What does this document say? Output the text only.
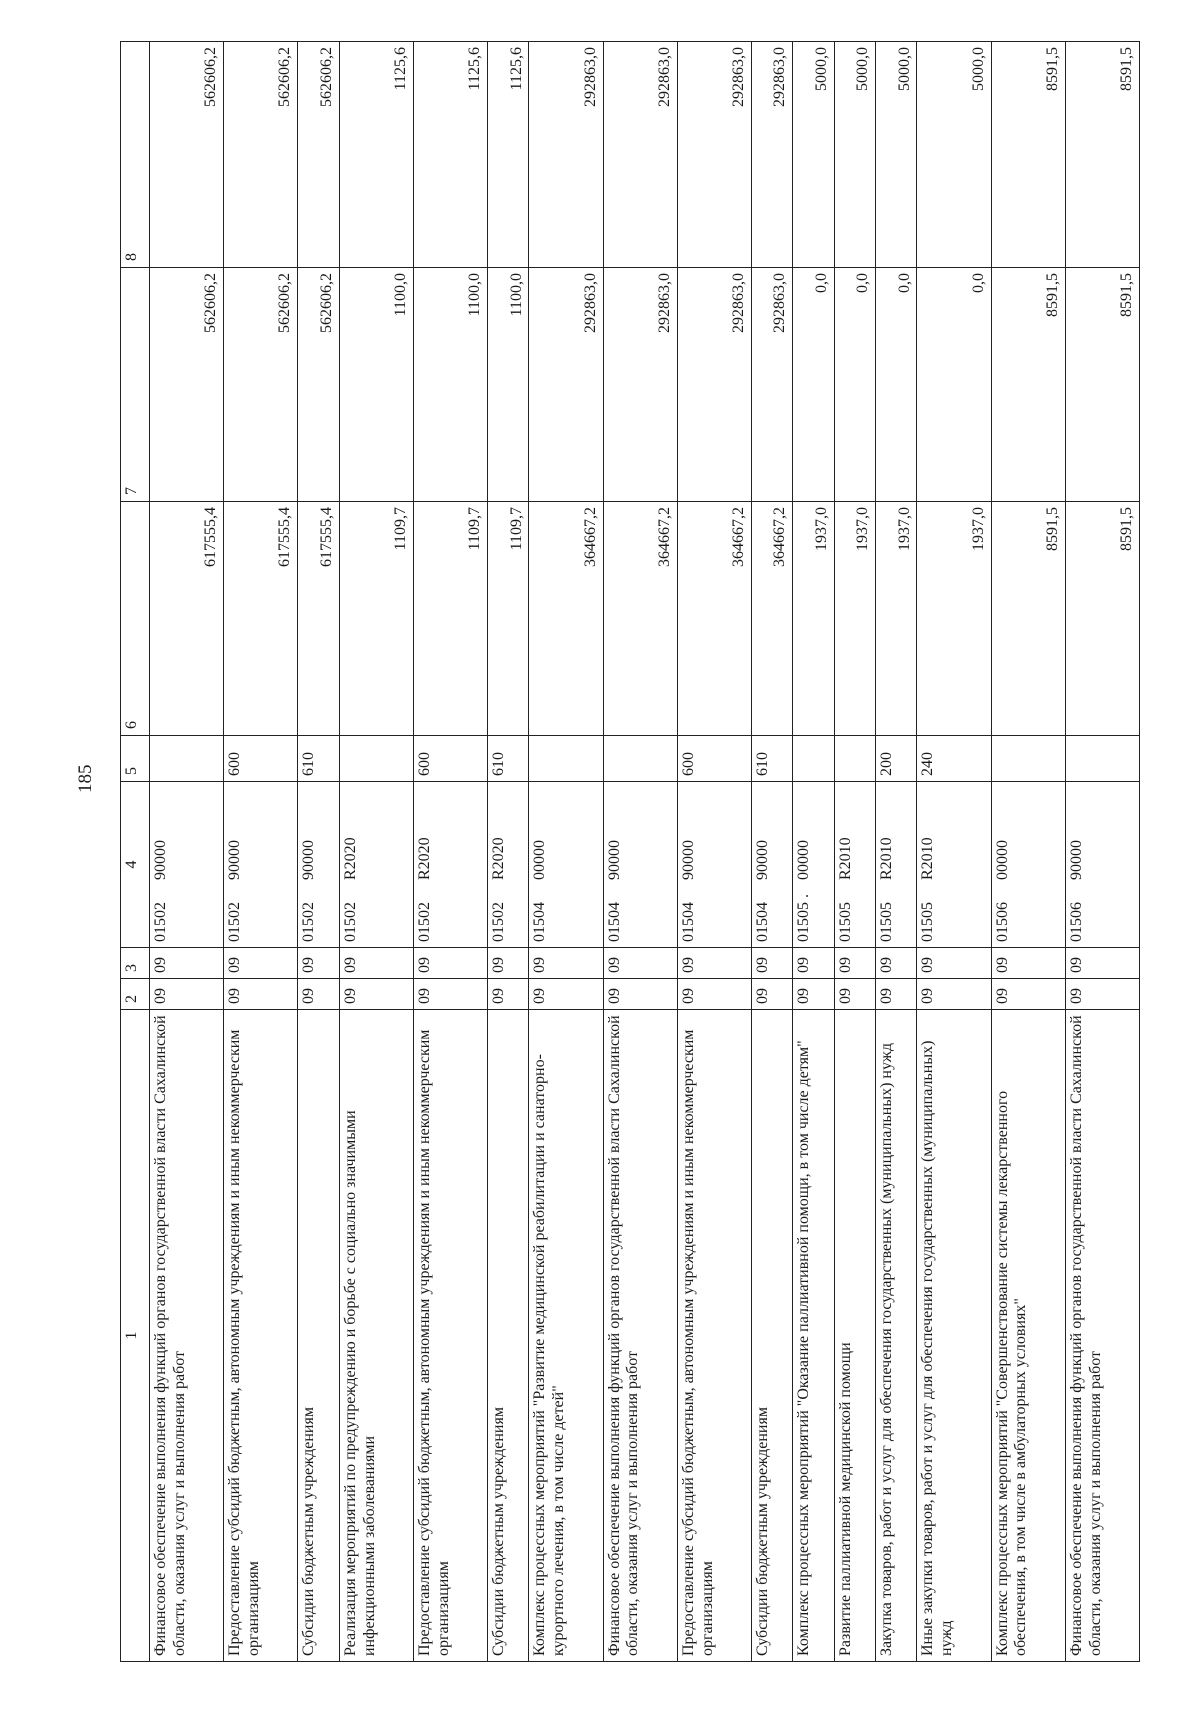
185
1	2	3	4	5	6	7	8
Финансовое обеспечение выполнения функций органов государственной власти Сахалинской области, оказания услуг и выполнения работ	09	09	0150290000		617555,4	562606,2	562606,2
Предоставление субсидий бюджетным, автономным учреждениям и иным некоммерческим организациям	09	09	0150290000	600	617555,4	562606,2	562606,2
Субсидии бюджетным учреждениям	09	09	0150290000	610	617555,4	562606,2	562606,2
Реализация мероприятий по предупреждению и борьбе с социально значимыми инфекционными заболеваниями	09	09	01502R2020		1109,7	1100,0	1125,6
Предоставление субсидий бюджетным, автономным учреждениям и иным некоммерческим организациям	09	09	01502R2020	600	1109,7	1100,0	1125,6
Субсидии бюджетным учреждениям	09	09	01502R2020	610	1109,7	1100,0	1125,6
Комплекс процессных мероприятий "Развитие медицинской реабилитации и санаторно-курортного лечения, в том числе детей"	09	09	0150400000		364667,2	292863,0	292863,0
Финансовое обеспечение выполнения функций органов государственной власти Сахалинской области, оказания услуг и выполнения работ	09	09	0150490000		364667,2	292863,0	292863,0
Предоставление субсидий бюджетным, автономным учреждениям и иным некоммерческим организациям	09	09	0150490000	600	364667,2	292863,0	292863,0
Субсидии бюджетным учреждениям	09	09	0150490000	610	364667,2	292863,0	292863,0
Комплекс процессных мероприятий "Оказание паллиативной помощи, в том числе детям"	09	09	01505 .00000		1937,0	0,0	5000,0
Развитие паллиативной медицинской помощи	09	09	01505R2010		1937,0	0,0	5000,0
Закупка товаров, работ и услуг для обеспечения государственных (муниципальных) нужд	09	09	01505R2010	200	1937,0	0,0	5000,0
Иные закупки товаров, работ и услуг для обеспечения государственных (муниципальных) нужд	09	09	01505R2010	240	1937,0	0,0	5000,0
Комплекс процессных мероприятий "Совершенствование системы лекарственного обеспечения, в том числе в амбулаторных условиях"	09	09	0150600000		8591,5	8591,5	8591,5
Финансовое обеспечение выполнения функций органов государственной власти Сахалинской области, оказания услуг и выполнения работ	09	09	0150690000		8591,5	8591,5	8591,5
